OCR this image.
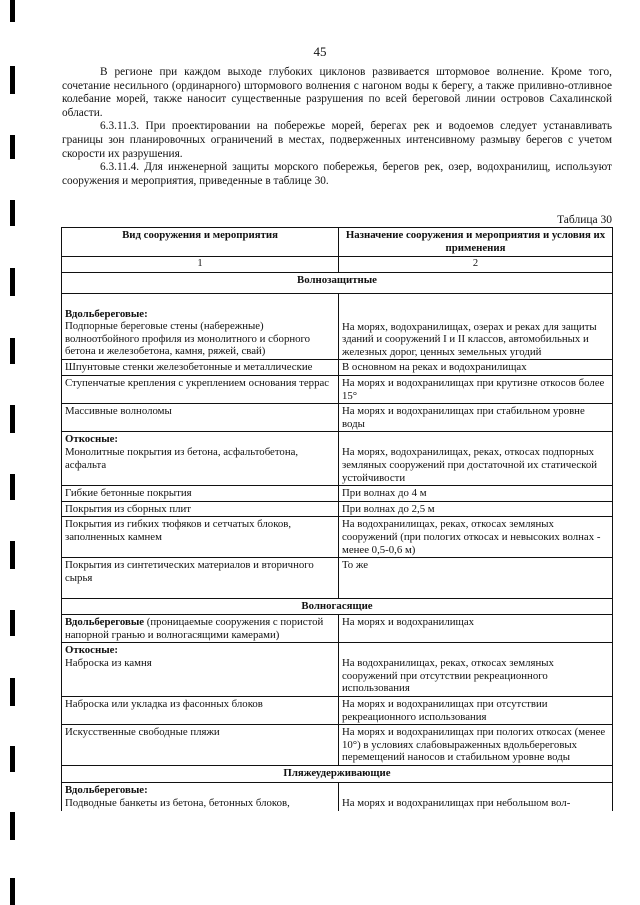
45

В регионе при каждом выходе глубоких циклонов развивается штормовое волнение. Кроме того, сочетание несильного (ординарного) штормового волнения с нагоном воды к берегу, а также приливно-отливное колебание морей, также наносит существенные разрушения по всей береговой линии островов Сахалинской области.

6.3.11.3. При проектировании на побережье морей, берегах рек и водоемов следует устанавливать границы зон планировочных ограничений в местах, подверженных интенсивному размыву берегов с учетом скорости их разрушения.

6.3.11.4. Для инженерной защиты морского побережья, берегов рек, озер, водохранилищ, используют сооружения и мероприятия, приведенные в таблице 30.

Таблица 30
Вид сооружения и мероприятия	Назначение сооружения и мероприятия и условия их применения
1	2
Волнозащитные	

Вдольбереговые:
Подпорные береговые стены (набережные) волноотбойного профиля из монолитного и сборного бетона и железобетона, камня, ряжей, свай)	На морях, водохранилищах, озерах и реках для защиты зданий и сооружений I и II классов, автомобильных и железных дорог, ценных земельных угодий

Шпунтовые стенки железобетонные и металлические	В основном на реках и водохранилищах
Ступенчатые крепления с укреплением основания террас	На морях и водохранилищах при крутизне откосов более 15°
Массивные волноломы	На морях и водохранилищах при стабильном уровне воды

Откосные:
Монолитные покрытия из бетона, асфальтобетона, асфальта	На морях, водохранилищах, реках, откосах подпорных земляных сооружений при достаточной их статической устойчивости

Гибкие бетонные покрытия	При волнах до 4 м
Покрытия из сборных плит	При волнах до 2,5 м
Покрытия из гибких тюфяков и сетчатых блоков, заполненных камнем	На водохранилищах, реках, откосах земляных сооружений (при пологих откосах и невысоких волнах - менее 0,5-0,6 м)
Покрытия из синтетических материалов и вторичного сырья	То же
Волногасящие	
Вдольбереговые (проницаемые сооружения с пористой напорной гранью и волногасящими камерами)	На морях и водохранилищах

Откосные:
Наброска из камня	На водохранилищах, реках, откосах земляных сооружений при отсутствии рекреационного использования

Наброска или укладка из фасонных блоков	На морях и водохранилищах при отсутствии рекреационного использования
Искусственные свободные пляжи	На морях и водохранилищах при пологих откосах (менее 10°) в условиях слабовыраженных вдольбереговых перемещений наносов и стабильном уровне воды
Пляжеудерживающие	

Вдольбереговые:
Подводные банкеты из бетона, бетонных блоков,	На морях и водохранилищах при небольшом вол-
